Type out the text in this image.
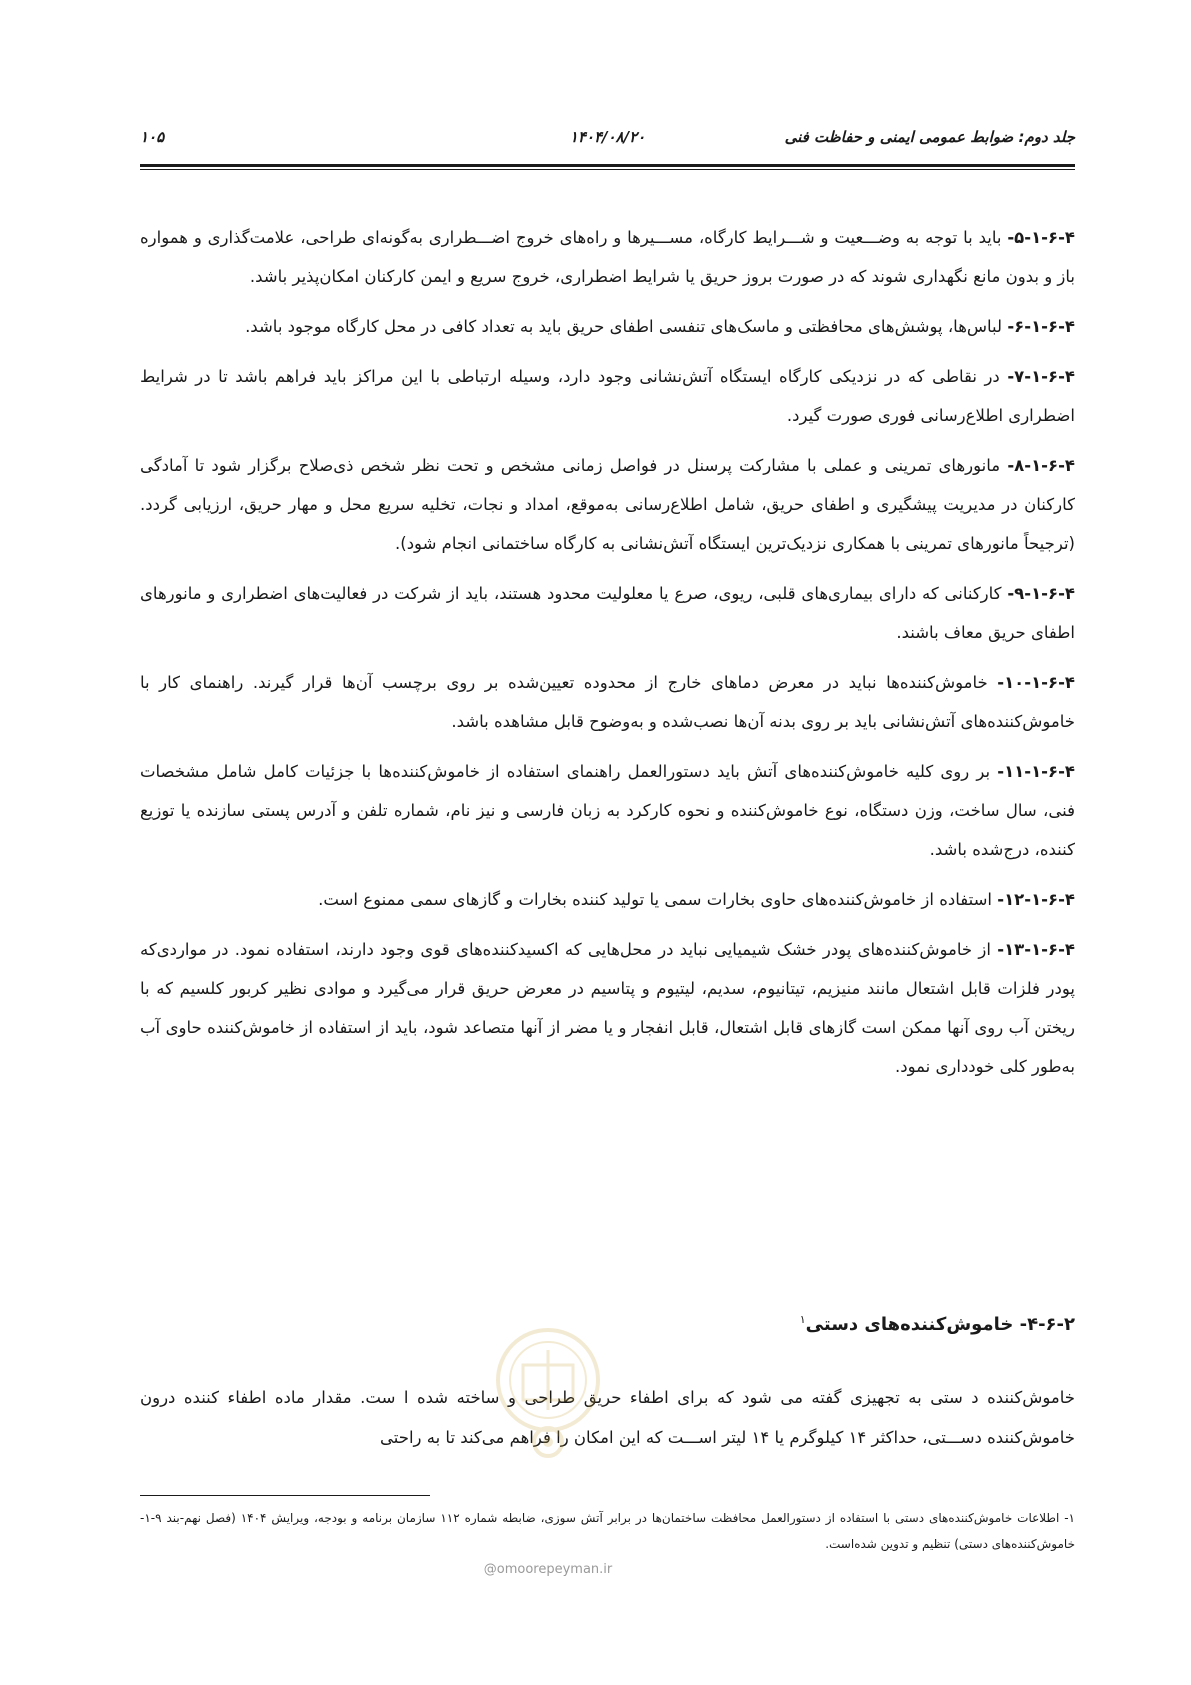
جلد دوم: ضوابط عمومی ایمنی و حفاظت فنی
۱۴۰۴/۰۸/۲۰
۱۰۵

۵-۱-۶-۴- باید با توجه به وضـــعیت و شـــرایط کارگاه، مســـیرها و راه‌های خروج اضـــطراری به‌گونه‌ای طراحی، علامت‌گذاری و همواره باز و بدون مانع نگهداری شوند که در صورت بروز حریق یا شرایط اضطراری، خروج سریع و ایمن کارکنان امکان‌پذیر باشد.

۶-۱-۶-۴- لباس‌ها، پوشش‌های محافظتی و ماسک‌های تنفسی اطفای حریق باید به تعداد کافی در محل کارگاه موجود باشد.

۷-۱-۶-۴- در نقاطی که در نزدیکی کارگاه ایستگاه آتش‌نشانی وجود دارد، وسیله ارتباطی با این مراکز باید فراهم باشد تا در شرایط اضطراری اطلاع‌رسانی فوری صورت گیرد.

۸-۱-۶-۴- مانورهای تمرینی و عملی با مشارکت پرسنل در فواصل زمانی مشخص و تحت نظر شخص ذی‌صلاح برگزار شود تا آمادگی کارکنان در مدیریت پیشگیری و اطفای حریق، شامل اطلاع‌رسانی به‌موقع، امداد و نجات، تخلیه سریع محل و مهار حریق، ارزیابی گردد. (ترجیحاً مانورهای تمرینی با همکاری نزدیک‌ترین ایستگاه آتش‌نشانی به کارگاه ساختمانی انجام شود).

۹-۱-۶-۴- کارکنانی که دارای بیماری‌های قلبی، ریوی، صرع یا معلولیت محدود هستند، باید از شرکت در فعالیت‌های اضطراری و مانورهای اطفای حریق معاف باشند.

۱۰-۱-۶-۴- خاموش‌کننده‌ها نباید در معرض دماهای خارج از محدوده تعیین‌شده بر روی برچسب آن‌ها قرار گیرند. راهنمای کار با خاموش‌کننده‌های آتش‌نشانی باید بر روی بدنه آن‌ها نصب‌شده و به‌وضوح قابل مشاهده باشد.

۱۱-۱-۶-۴- بر روی کلیه خاموش‌کننده‌های آتش باید دستورالعمل راهنمای استفاده از خاموش‌کننده‌ها با جزئیات کامل شامل مشخصات فنی، سال ساخت، وزن دستگاه، نوع خاموش‌کننده و نحوه کارکرد به زبان فارسی و نیز نام، شماره تلفن و آدرس پستی سازنده یا توزیع کننده، درج‌شده باشد.

۱۲-۱-۶-۴- استفاده از خاموش‌کننده‌های حاوی بخارات سمی یا تولید کننده بخارات و گازهای سمی ممنوع است.

۱۳-۱-۶-۴- از خاموش‌کننده‌های پودر خشک شیمیایی نباید در محل‌هایی که اکسیدکننده‌های قوی وجود دارند، استفاده نمود. در مواردی‌که پودر فلزات قابل اشتعال مانند منیزیم، تیتانیوم، سدیم، لیتیوم و پتاسیم در معرض حریق قرار می‌گیرد و موادی نظیر کربور کلسیم که با ریختن آب روی آنها ممکن است گازهای قابل اشتعال، قابل انفجار و یا مضر از آنها متصاعد شود، باید از استفاده از خاموش‌کننده حاوی آب به‌طور کلی خودداری نمود.

۴-۶-۲- خاموش‌کننده‌های دستی$^۱$
خاموش‌کننده د ستی به تجهیزی گفته می شود که برای اطفاء حریق طراحی و ساخته شده ا ست. مقدار ماده اطفاء کننده درون خاموش‌کننده دســـتی، حداکثر ۱۴ کیلوگرم یا ۱۴ لیتر اســـت که این امکان را فراهم می‌کند تا به راحتی
۱- اطلاعات خاموش‌کننده‌های دستی با استفاده از دستورالعمل محافظت ساختمان‌ها در برابر آتش سوزی، ضابطه شماره ۱۱۲ سازمان برنامه و بودجه، ویرایش ۱۴۰۴ (فصل نهم-بند ۹-۱-خاموش‌کننده‌های دستی) تنظیم و تدوین شده‌است.
@omoorepeyman.ir
